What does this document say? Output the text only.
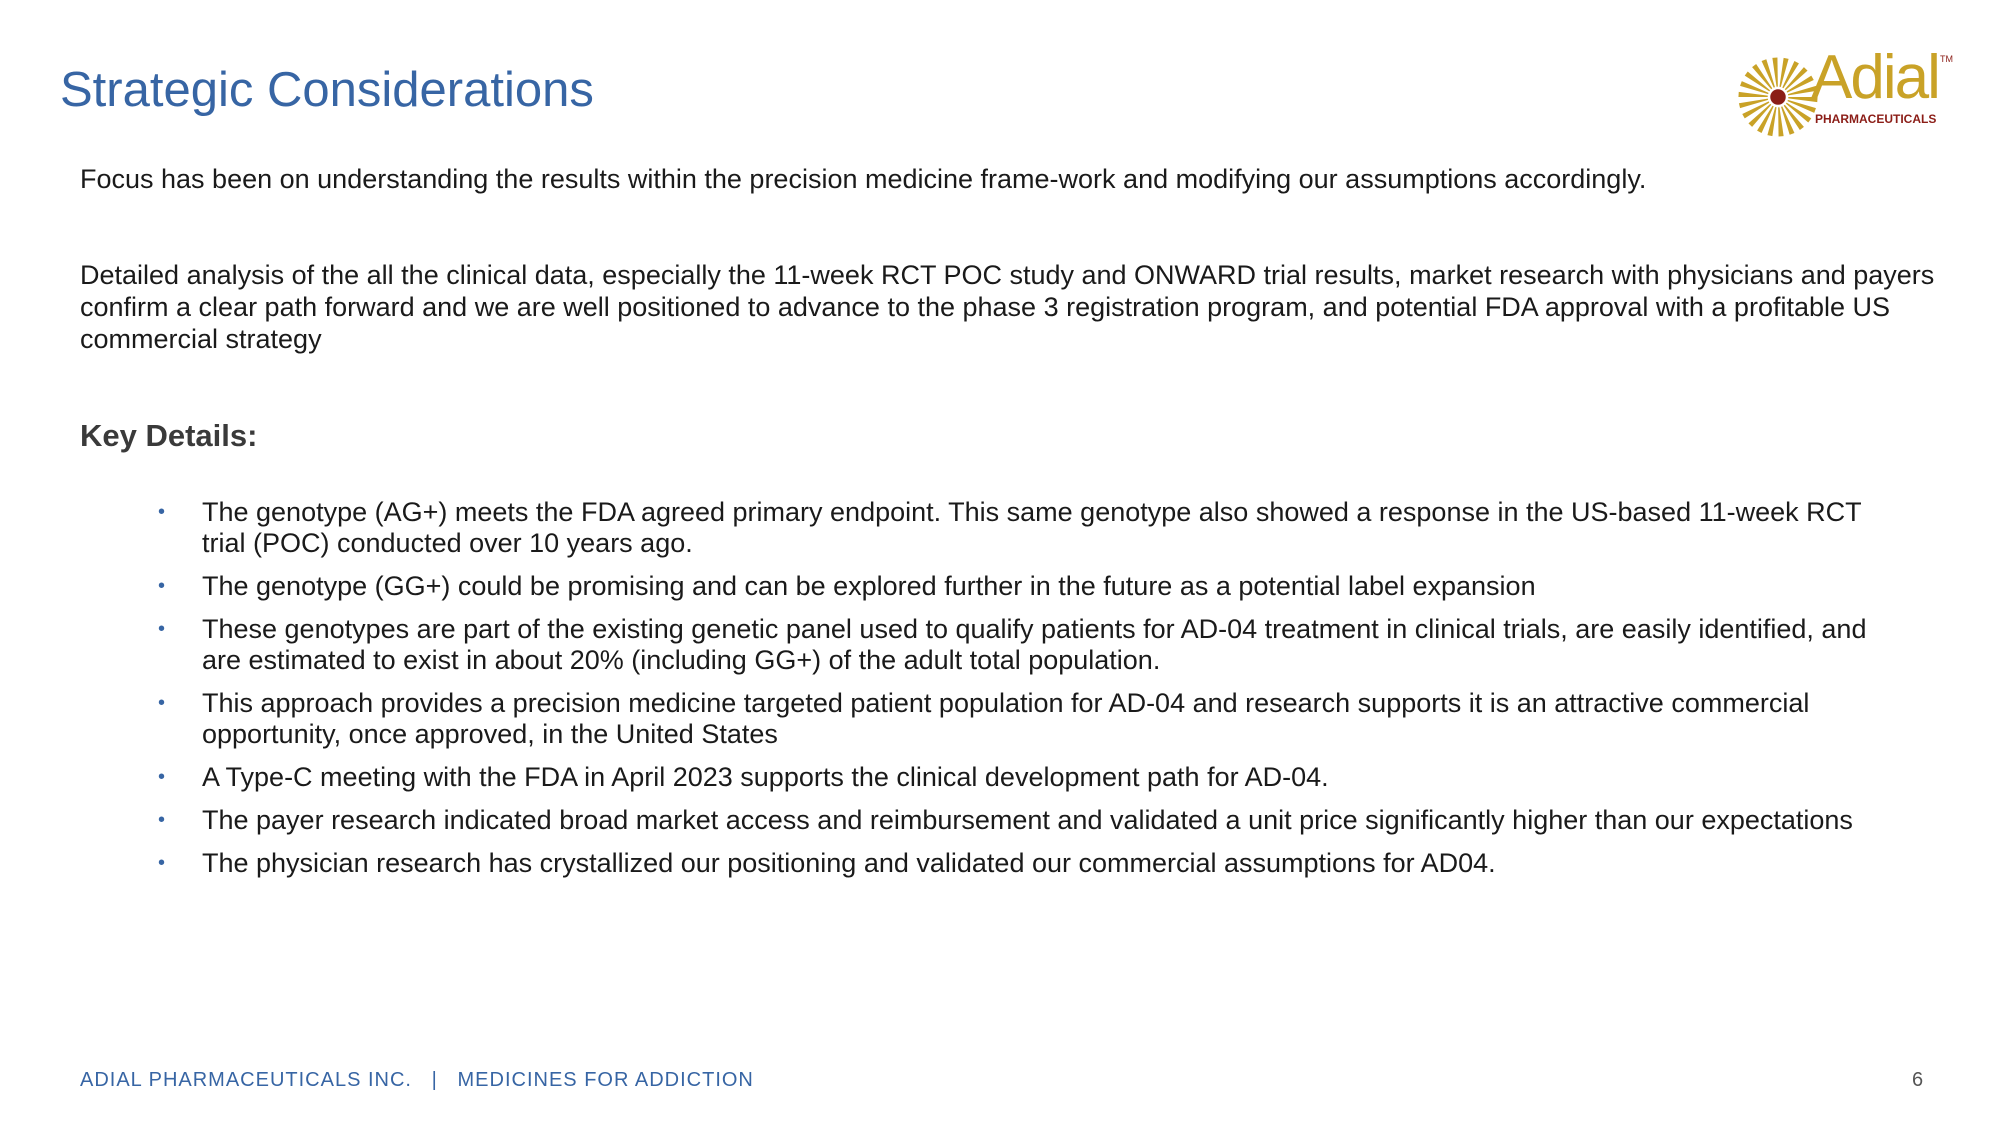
Strategic Considerations	Adial TM
PHARMACEUTICALS
Focus has been on understanding the results within the precision medicine frame-work and modifying our assumptions accordingly.
Detailed analysis of the all the clinical data, especially the 11-week RCT POC study and ONWARD trial results, market research with physicians and payers confirm a clear path forward and we are well positioned to advance to the phase 3 registration program, and potential FDA approval with a profitable US commercial strategy
Key Details:
• The genotype (AG+) meets the FDA agreed primary endpoint. This same genotype also showed a response in the US-based 11-week RCT trial (POC) conducted over 10 years ago.
• The genotype (GG+) could be promising and can be explored further in the future as a potential label expansion
• These genotypes are part of the existing genetic panel used to qualify patients for AD-04 treatment in clinical trials, are easily identified, and are estimated to exist in about 20% (including GG+) of the adult total population.
• This approach provides a precision medicine targeted patient population for AD-04 and research supports it is an attractive commercial opportunity, once approved, in the United States
• A Type-C meeting with the FDA in April 2023 supports the clinical development path for AD-04.
• The payer research indicated broad market access and reimbursement and validated a unit price significantly higher than our expectations
• The physician research has crystallized our positioning and validated our commercial assumptions for AD04.
ADIAL PHARMACEUTICALS INC.   |   MEDICINES FOR ADDICTION	6
